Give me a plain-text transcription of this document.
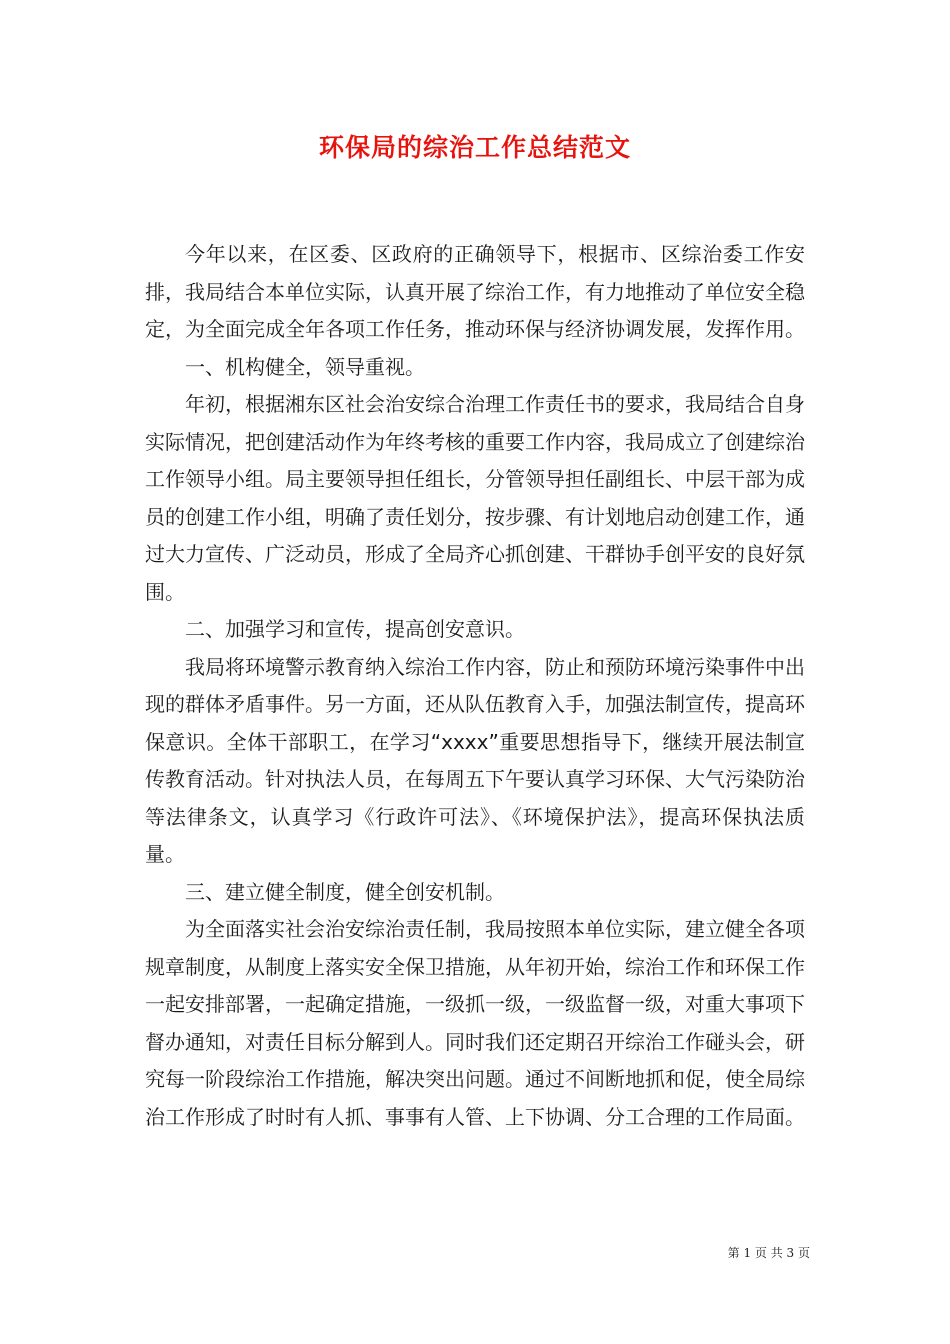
环保局的综治工作总结范文

今年以来，在区委、区政府的正确领导下，根据市、区综治委工作安排，我局结合本单位实际，认真开展了综治工作，有力地推动了单位安全稳定，为全面完成全年各项工作任务，推动环保与经济协调发展，发挥作用。

一、机构健全，领导重视。

年初，根据湘东区社会治安综合治理工作责任书的要求，我局结合自身实际情况，把创建活动作为年终考核的重要工作内容，我局成立了创建综治工作领导小组。局主要领导担任组长，分管领导担任副组长、中层干部为成员的创建工作小组，明确了责任划分，按步骤、有计划地启动创建工作，通过大力宣传、广泛动员，形成了全局齐心抓创建、干群协手创平安的良好氛围。

二、加强学习和宣传，提高创安意识。

我局将环境警示教育纳入综治工作内容，防止和预防环境污染事件中出现的群体矛盾事件。另一方面，还从队伍教育入手，加强法制宣传，提高环保意识。全体干部职工，在学习“xxxx”重要思想指导下，继续开展法制宣传教育活动。针对执法人员，在每周五下午要认真学习环保、大气污染防治等法律条文，认真学习《行政许可法》、《环境保护法》，提高环保执法质量。

三、建立健全制度，健全创安机制。

为全面落实社会治安综治责任制，我局按照本单位实际，建立健全各项规章制度，从制度上落实安全保卫措施，从年初开始，综治工作和环保工作一起安排部署，一起确定措施，一级抓一级，一级监督一级，对重大事项下督办通知，对责任目标分解到人。同时我们还定期召开综治工作碰头会，研究每一阶段综治工作措施，解决突出问题。通过不间断地抓和促，使全局综治工作形成了时时有人抓、事事有人管、上下协调、分工合理的工作局面。

第 1 页 共 3 页
